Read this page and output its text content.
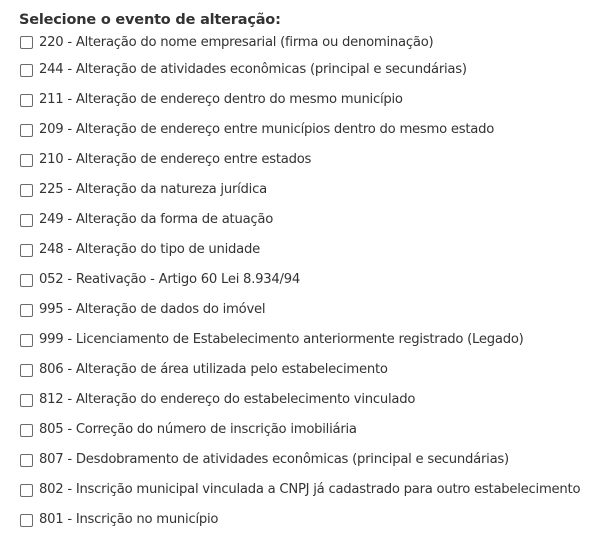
Selecione o evento de alteração:
220 - Alteração do nome empresarial (firma ou denominação)
244 - Alteração de atividades econômicas (principal e secundárias)
211 - Alteração de endereço dentro do mesmo município
209 - Alteração de endereço entre municípios dentro do mesmo estado
210 - Alteração de endereço entre estados
225 - Alteração da natureza jurídica
249 - Alteração da forma de atuação
248 - Alteração do tipo de unidade
052 - Reativação - Artigo 60 Lei 8.934/94
995 - Alteração de dados do imóvel
999 - Licenciamento de Estabelecimento anteriormente registrado (Legado)
806 - Alteração de área utilizada pelo estabelecimento
812 - Alteração do endereço do estabelecimento vinculado
805 - Correção do número de inscrição imobiliária
807 - Desdobramento de atividades econômicas (principal e secundárias)
802 - Inscrição municipal vinculada a CNPJ já cadastrado para outro estabelecimento
801 - Inscrição no município
